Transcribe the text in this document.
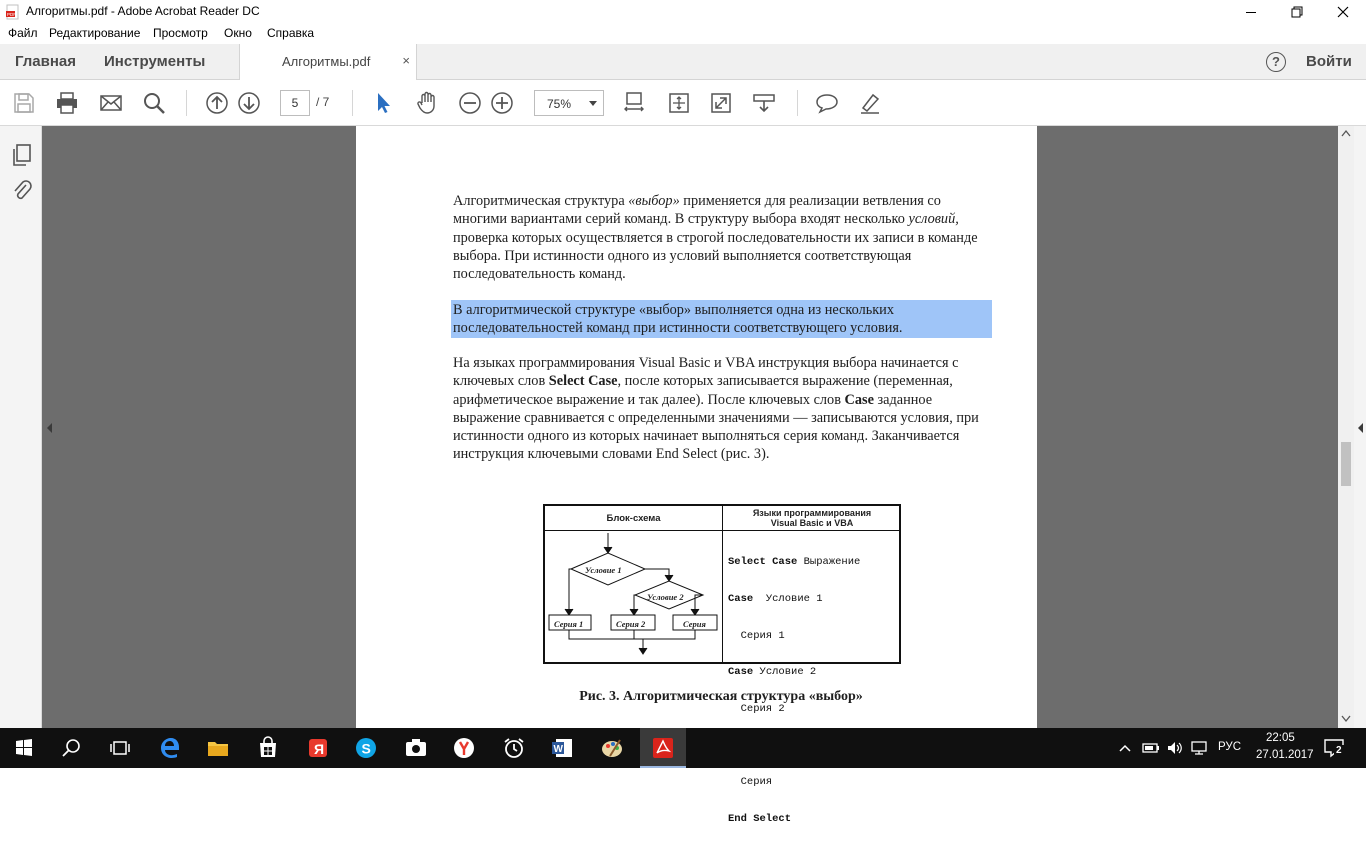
PDF Алгоритмы.pdf - Adobe Acrobat Reader DC
Файл Редактирование Просмотр Окно Справка
Главная Инструменты	Алгоритмы.pdf ×	?	Войти
5	/ 7	75%
Алгоритмическая структура «выбор» применяется для реализации ветвления со многими вариантами серий команд. В структуру выбора входят несколько условий, проверка которых осуществляется в строгой последовательности их записи в команде выбора. При истинности одного из условий выполняется соответствующая последовательность команд.
В алгоритмической структуре «выбор» выполняется одна из нескольких последовательностей команд при истинности соответствующего условия.
На языках программирования Visual Basic и VBA инструкция выбора начинается с ключевых слов Select Case, после которых записывается выражение (переменная, арифметическое выражение и так далее). После ключевых слов Case заданное выражение сравнивается с определенными значениями — записываются условия, при истинности одного из которых начинает выполняться серия команд. Заканчивается инструкция ключевыми словами End Select (рис. 3).
Блок-схема	Языки программирования
Visual Basic и VBA
Условие 1
Условие 2
Серия 1	Серия 2	Серия

Select Case Выражение

Case  Условие 1

Серия 1

Case Условие 2

Серия 2

Серия

End Select

Рис. 3. Алгоритмическая структура «выбор»
Я	S	W	РУС
22:05
27.01.2017 2
